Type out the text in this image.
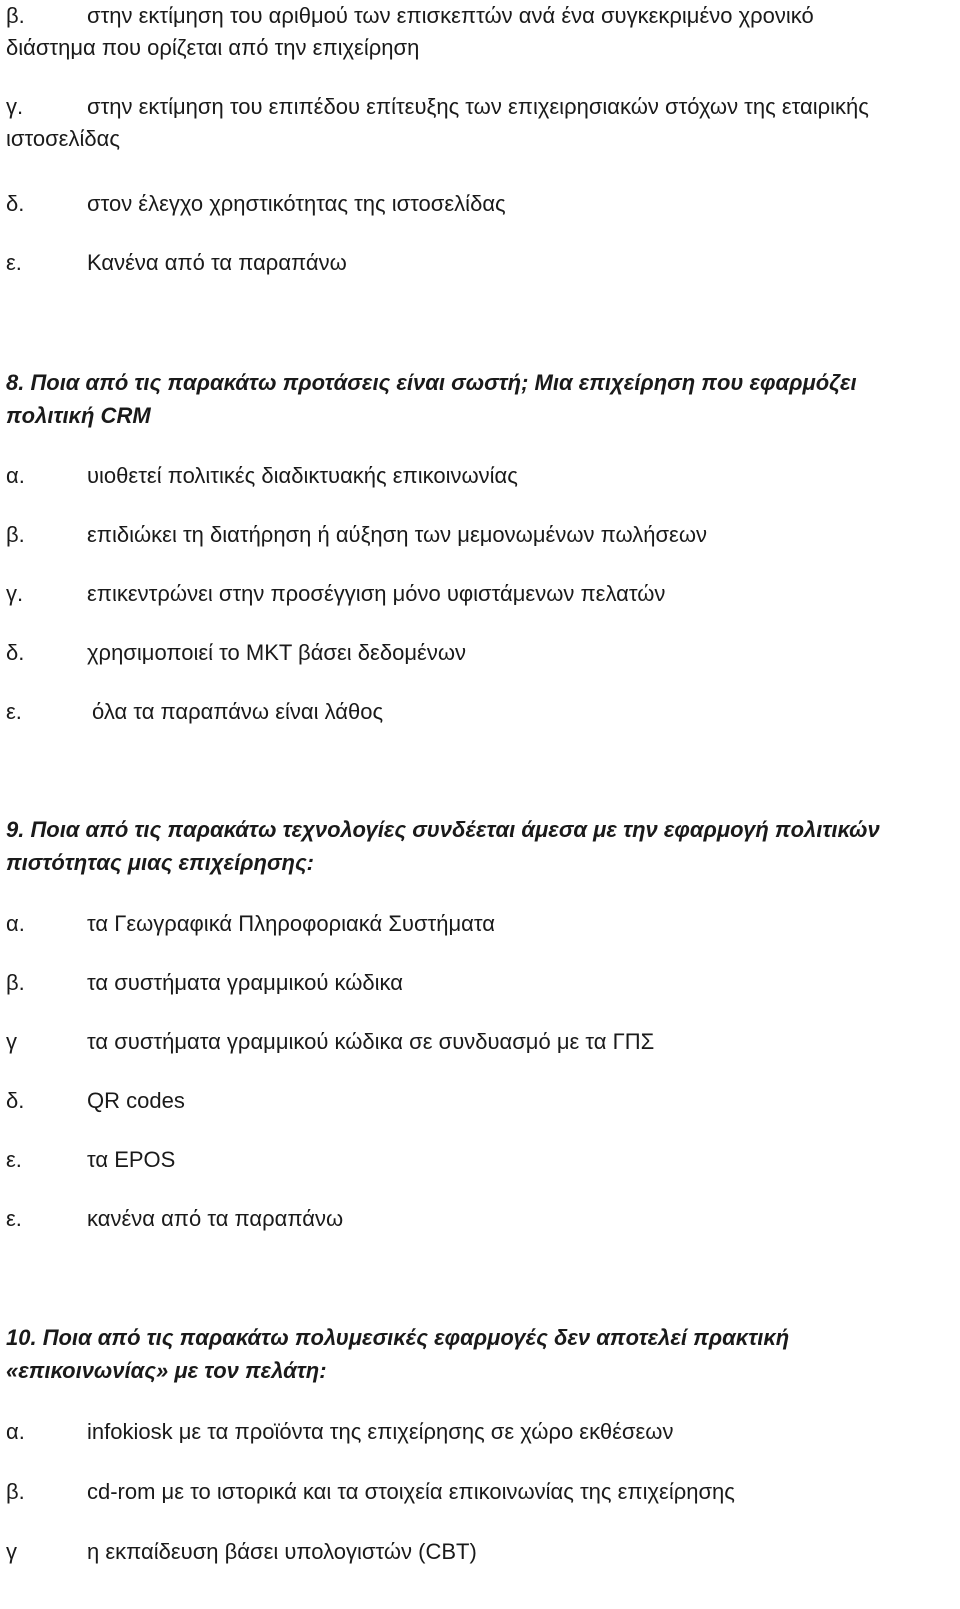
β.	στην εκτίμηση του αριθμού των επισκεπτών ανά ένα συγκεκριμένο χρονικό διάστημα που ορίζεται από την επιχείρηση
γ.	στην εκτίμηση του επιπέδου επίτευξης των επιχειρησιακών στόχων της εταιρικής ιστοσελίδας
δ.	στον έλεγχο χρηστικότητας της ιστοσελίδας
ε.	Κανένα από τα παραπάνω
8. Ποια από τις παρακάτω προτάσεις είναι σωστή; Μια επιχείρηση που εφαρμόζει πολιτική CRM
α.	υιοθετεί πολιτικές διαδικτυακής επικοινωνίας
β.	επιδιώκει τη διατήρηση ή αύξηση των μεμονωμένων πωλήσεων
γ.	επικεντρώνει στην προσέγγιση μόνο υφιστάμενων πελατών
δ.	χρησιμοποιεί το ΜΚΤ βάσει δεδομένων
ε.	όλα τα παραπάνω είναι λάθος
9. Ποια από τις παρακάτω τεχνολογίες συνδέεται άμεσα με την εφαρμογή πολιτικών πιστότητας μιας επιχείρησης:
α.	τα Γεωγραφικά Πληροφοριακά Συστήματα
β.	τα συστήματα γραμμικού κώδικα
γ	τα συστήματα γραμμικού κώδικα σε συνδυασμό με τα ΓΠΣ
δ.	QR codes
ε.	τα EPOS
ε.	κανένα από τα παραπάνω
10. Ποια από τις παρακάτω πολυμεσικές εφαρμογές δεν αποτελεί πρακτική «επικοινωνίας» με τον πελάτη:
α.	infokiosk με τα προϊόντα της επιχείρησης σε χώρο εκθέσεων
β.	cd-rom με το ιστορικά και τα στοιχεία επικοινωνίας της επιχείρησης
γ	η εκπαίδευση βάσει υπολογιστών (CBT)
